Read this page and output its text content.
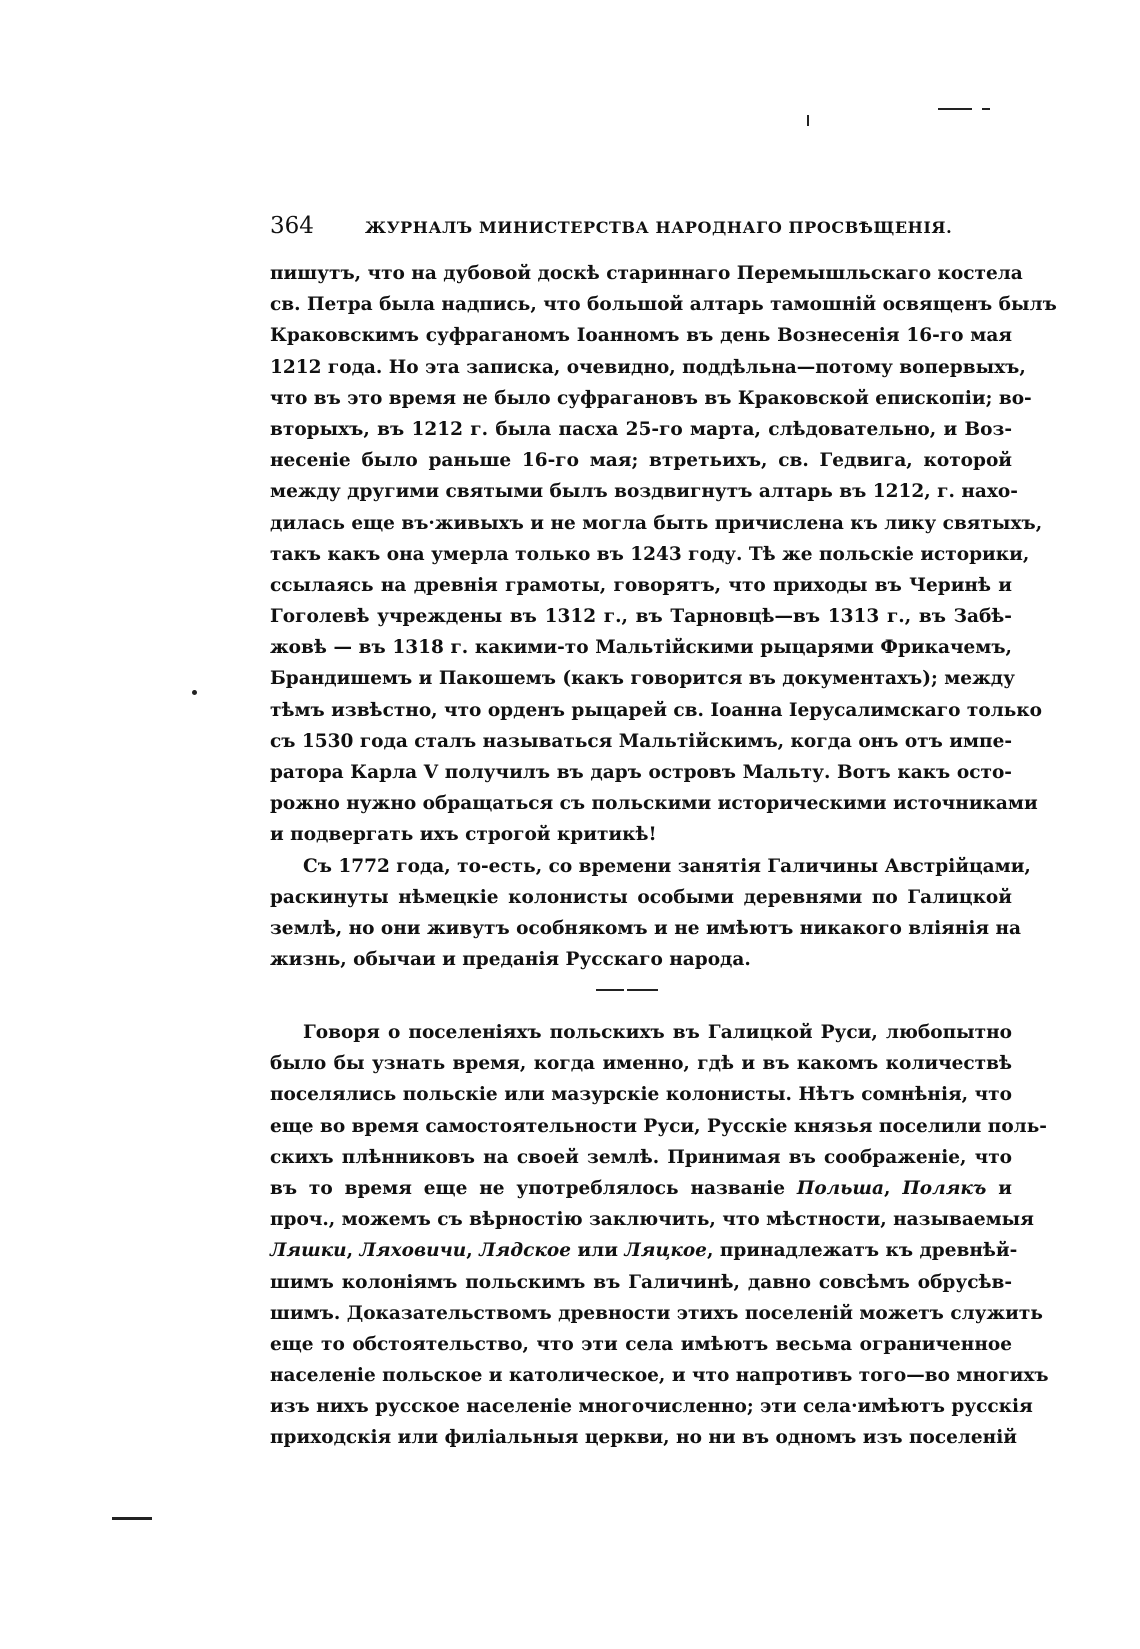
364	ЖУРНАЛЪ МИНИСТЕРСТВА НАРОДНАГО ПРОСВѢЩЕНІЯ.
пишутъ, что на дубовой доскѣ стариннаго Перемышльскаго костела
св. Петра была надпись, что большой алтарь тамошній освященъ былъ
Краковскимъ суфраганомъ Іоанномъ въ день Вознесенія 16-го мая
1212 года. Но эта записка, очевидно, поддѣльна—потому вопервыхъ,
что въ это время не было суфрагановъ въ Краковской епископіи; во-
вторыхъ, въ 1212 г. была пасха 25-го марта, слѣдовательно, и Воз-
несеніе было раньше 16-го мая; втретьихъ, св. Гедвига, которой
между другими святыми былъ воздвигнутъ алтарь въ 1212, г. нахо-
дилась еще въ·живыхъ и не могла быть причислена къ лику святыхъ,
такъ какъ она умерла только въ 1243 году. Тѣ же польскіе историки,
ссылаясь на древнія грамоты, говорятъ, что приходы въ Черинѣ и
Гоголевѣ учреждены въ 1312 г., въ Тарновцѣ—въ 1313 г., въ Забѣ-
жовѣ — въ 1318 г. какими-то Мальтійскими рыцарями Фрикачемъ,
Брандишемъ и Пакошемъ (какъ говорится въ документахъ); между
тѣмъ извѣстно, что орденъ рыцарей св. Іоанна Іерусалимскаго только
съ 1530 года сталъ называться Мальтійскимъ, когда онъ отъ импе-
ратора Карла V получилъ въ даръ островъ Мальту. Вотъ какъ осто-
рожно нужно обращаться съ польскими историческими источниками
и подвергать ихъ строгой критикѣ!
Съ 1772 года, то-есть, со времени занятія Галичины Австрійцами,
раскинуты нѣмецкіе колонисты особыми деревнями по Галицкой
землѣ, но они живутъ особнякомъ и не имѣютъ никакого вліянія на
жизнь, обычаи и преданія Русскаго народа.
Говоря о поселеніяхъ польскихъ въ Галицкой Руси, любопытно
было бы узнать время, когда именно, гдѣ и въ какомъ количествѣ
поселялись польскіе или мазурскіе колонисты. Нѣтъ сомнѣнія, что
еще во время самостоятельности Руси, Русскіе князья поселили поль-
скихъ плѣнниковъ на своей землѣ. Принимая въ соображеніе, что
въ то время еще не употреблялось названіе Польша, Полякъ и
проч., можемъ съ вѣрностію заключить, что мѣстности, называемыя
Ляшки, Ляховичи, Лядское или Ляцкое, принадлежатъ къ древнѣй-
шимъ колоніямъ польскимъ въ Галичинѣ, давно совсѣмъ обрусѣв-
шимъ. Доказательствомъ древности этихъ поселеній можетъ служить
еще то обстоятельство, что эти села имѣютъ весьма ограниченное
населеніе польское и католическое, и что напротивъ того—во многихъ
изъ нихъ русское населеніе многочисленно; эти села·имѣютъ русскія
приходскія или филіальныя церкви, но ни въ одномъ изъ поселеній
